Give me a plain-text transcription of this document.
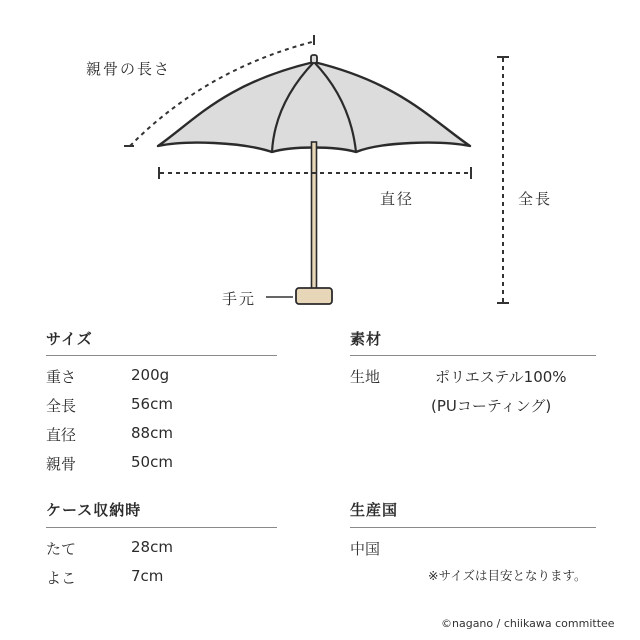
親骨の長さ
直径	全長
手元
サイズ
重さ	200g
全長	56cm
直径	88cm
親骨	50cm
素材
生地	ポリエステル100%
(PUコーティング)
ケース収納時
たて	28cm
よこ	7cm
生産国
中国
※サイズは目安となります。
©nagano / chiikawa committee
